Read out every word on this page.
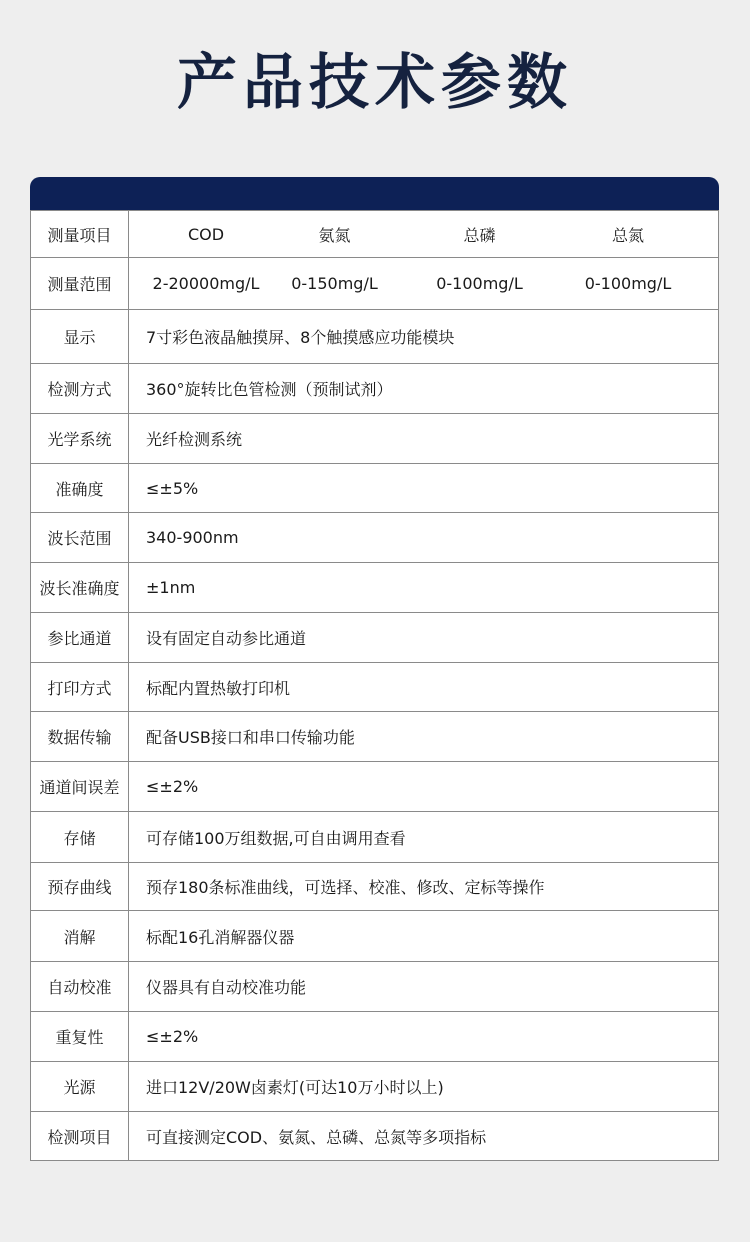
产品技术参数
测量项目	COD 氨氮 总磷 总氮

测量范围	2-20000mg/L 0-150mg/L 0-100mg/L 0-100mg/L

显示	7寸彩色液晶触摸屏、8个触摸感应功能模块
检测方式	360°旋转比色管检测（预制试剂）
光学系统	光纤检测系统
准确度	≤±5%
波长范围	340-900nm
波长准确度	±1nm
参比通道	设有固定自动参比通道
打印方式	标配内置热敏打印机
数据传输	配备USB接口和串口传输功能
通道间误差	≤±2%
存储	可存储100万组数据,可自由调用查看
预存曲线	预存180条标准曲线，可选择、校准、修改、定标等操作
消解	标配16孔消解器仪器
自动校准	仪器具有自动校准功能
重复性	≤±2%
光源	进口12V/20W卤素灯(可达10万小时以上)
检测项目	可直接测定COD、氨氮、总磷、总氮等多项指标
